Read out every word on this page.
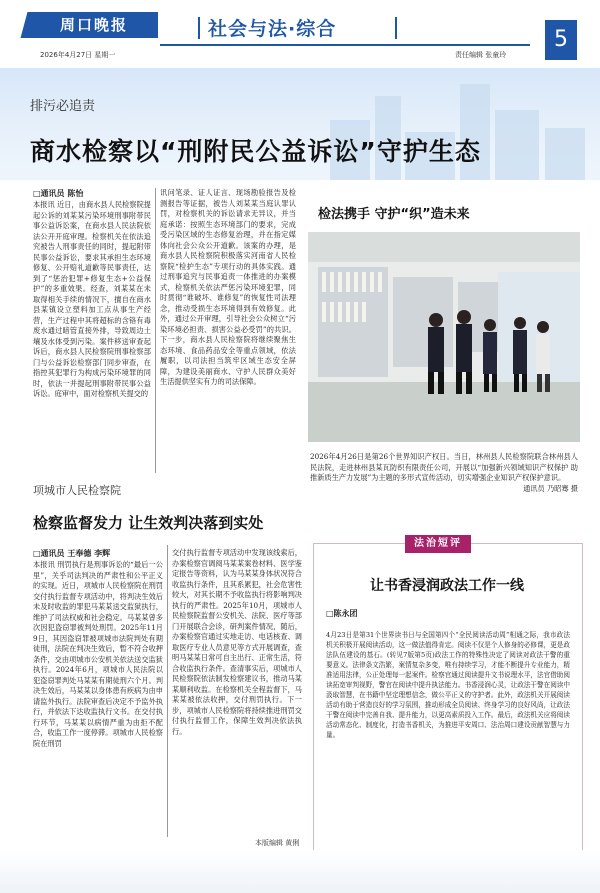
周口晚报	社会与法·综合	5
2026年4月27日 星期一	责任编辑 张童玲
排污必追责
商水检察以“刑附民公益诉讼”守护生态
□通讯员 陈怡
本报讯 近日，由商水县人民检察院提起公诉的刘某某污染环境刑事附带民事公益诉讼案，在商水县人民法院依法公开开庭审理。检察机关在依法追究被告人刑事责任的同时，提起附带民事公益诉讼，要求其承担生态环境修复、公开赔礼道歉等民事责任，达到了“惩治犯罪+修复生态+公益保护”的多重效果。经查，刘某某在未取得相关手续的情况下，擅自在商水县某镇设立塑料加工点从事生产经营，生产过程中其将超标的含铬有毒废水通过暗管直接外排，导致周边土壤及水体受到污染。案件移送审查起诉后，商水县人民检察院刑事检察部门与公益诉讼检察部门同步审查，在指控其犯罪行为构成污染环境罪的同时，依法一并提起刑事附带民事公益诉讼。庭审中，面对检察机关提交的
讯问笔录、证人证言、现场勘验报告及检测报告等证据，被告人刘某某当庭认罪认罚，对检察机关的诉讼请求无异议，并当庭承诺：按照生态环境部门的要求，完成受污染区域的生态修复治理，并在指定媒体向社会公众公开道歉。该案的办理，是商水县人民检察院积极落实河南省人民检察院“检护生态”专项行动的具体实践。通过刑事追究与民事追责一体推进的办案模式，检察机关依法严惩污染环境犯罪，同时贯彻“谁破坏、谁修复”的恢复性司法理念，推动受损生态环境得到有效修复。此外，通过公开审理，引导社会公众树立“污染环境必担责、损害公益必受罚”的共识。下一步，商水县人民检察院将继续聚焦生态环境、食品药品安全等重点领域，依法履职，以司法担当筑牢区域生态安全屏障，为建设美丽商水、守护人民群众美好生活提供坚实有力的司法保障。
检法携手 守护“织”造未来
2026年4月26日是第26个世界知识产权日。当日，林州县人民检察院联合林州县人民法院，走进林州县某瓦防织有限责任公司，开展以“加强新兴领域知识产权保护 助推新质生产力发展”为主题的多形式宣传活动，切实增强企业知识产权保护意识。
通讯员 乃昭骞 摄
项城市人民检察院
检察监督发力 让生效判决落到实处
□通讯员 王奉德 李辉
本报讯 刑罚执行是刑事诉讼的“最后一公里”，关乎司法判决的严肃性和公平正义的实现。近日，项城市人民检察院在刑罚交付执行监督专项活动中，将判决生效后未及时收监的罪犯马某某送交监狱执行，维护了司法权威和社会稳定。马某某曾多次因犯盗窃罪被判处刑罚。2025年11月9日，其因盗窃罪被项城市法院判处有期徒刑，法院在判决生效后，暂不符合收押条件，交由项城市公安机关依法送交监狱执行。2024年6月，项城市人民法院以犯盗窃罪判处马某某有期徒刑六个月。判决生效后，马某某以身体患有疾病为由申请监外执行。法院审查后决定不予监外执行，并依法下达收监执行文书。在交付执行环节，马某某以病情严重为由拒不配合，收监工作一度停滞。项城市人民检察院在刑罚
交付执行监督专项活动中发现该线索后，办案检察官调阅马某某案卷材料、医学鉴定报告等资料，认为马某某身体状况符合收监执行条件，且其系累犯，社会危害性较大，对其长期不予收监执行将影响判决执行的严肃性。2025年10月，项城市人民检察院监督公安机关、法院、医疗等部门开展联合会诊，研判案件情况，随后，办案检察官通过实地走访、电话核查、调取医疗专业人员意见等方式开展调查，查明马某某日常可自主出行、正常生活，符合收监执行条件。查清事实后，项城市人民检察院依法制发检察建议书，推动马某某顺利收监。在检察机关全程监督下，马某某被依法收押，交付刑罚执行。下一步，项城市人民检察院将持续推进刑罚交付执行监督工作，保障生效判决依法执行。
法治短评
让书香浸润政法工作一线
□陈永团
4月23日是第31个世界读书日与全国第四个“全民阅读活动周”相通之际，我市政法机关积极开展阅读活动，这一做法值得肯定。阅读不仅是个人修身的必修课，更是政法队伍建设的基石。(转见7版第5页)政法工作的特殊性决定了阅读对政法干警的重要意义。法律条文浩繁，案情复杂多变，唯有持续学习，才能不断提升专业能力，精准适用法律，公正处理每一起案件。检察官通过阅读提升文书说理水平，法官借助阅读拓宽审判视野，警官在阅读中提升执法能力。书香浸润心灵，让政法干警在阅读中汲取智慧，在书籍中坚定理想信念，做公平正义的守护者。此外，政法机关开展阅读活动有助于营造良好的学习氛围，推动形成全员阅读、终身学习的良好风尚，让政法干警在阅读中完善自我、提升能力，以更高素质投入工作。最后，政法机关应将阅读活动常态化、制度化，打造书香机关，为推进平安周口、法治周口建设贡献智慧与力量。
本版编辑 黄俐
